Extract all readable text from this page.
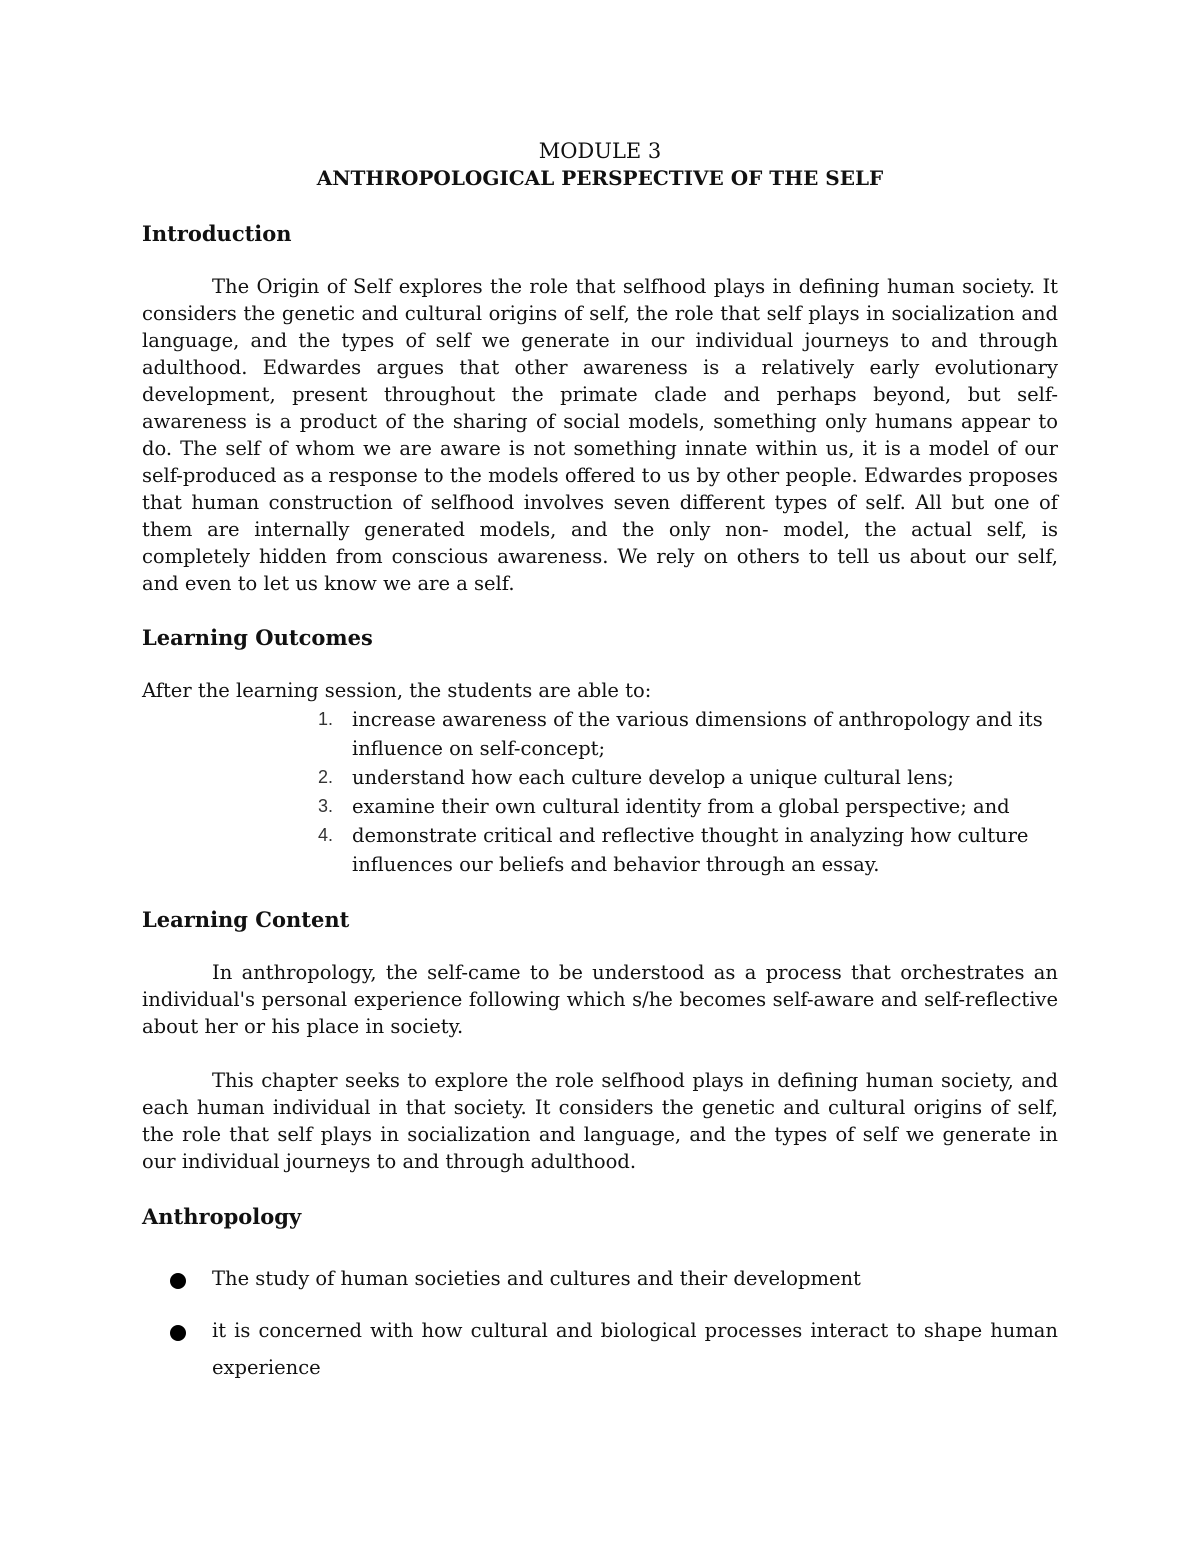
MODULE 3
ANTHROPOLOGICAL PERSPECTIVE OF THE SELF
Introduction

The Origin of Self explores the role that selfhood plays in defining human society. It considers the genetic and cultural origins of self, the role that self plays in socialization and language, and the types of self we generate in our individual journeys to and through adulthood. Edwardes argues that other awareness is a relatively early evolutionary development, present throughout the primate clade and perhaps beyond, but self-awareness is a product of the sharing of social models, something only humans appear to do. The self of whom we are aware is not something innate within us, it is a model of our self-produced as a response to the models offered to us by other people. Edwardes proposes that human construction of selfhood involves seven different types of self. All but one of them are internally generated models, and the only non- model, the actual self, is completely hidden from conscious awareness. We rely on others to tell us about our self, and even to let us know we are a self.

Learning Outcomes

After the learning session, the students are able to:

1. increase awareness of the various dimensions of anthropology and its influence on self-concept;
2. understand how each culture develop a unique cultural lens;
3. examine their own cultural identity from a global perspective; and
4. demonstrate critical and reflective thought in analyzing how culture influences our beliefs and behavior through an essay.
Learning Content

In anthropology, the self-came to be understood as a process that orchestrates an individual's personal experience following which s/he becomes self-aware and self-reflective about her or his place in society.

This chapter seeks to explore the role selfhood plays in defining human society, and each human individual in that society. It considers the genetic and cultural origins of self, the role that self plays in socialization and language, and the types of self we generate in our individual journeys to and through adulthood.

Anthropology
The study of human societies and cultures and their development
it is concerned with how cultural and biological processes interact to shape human experience
